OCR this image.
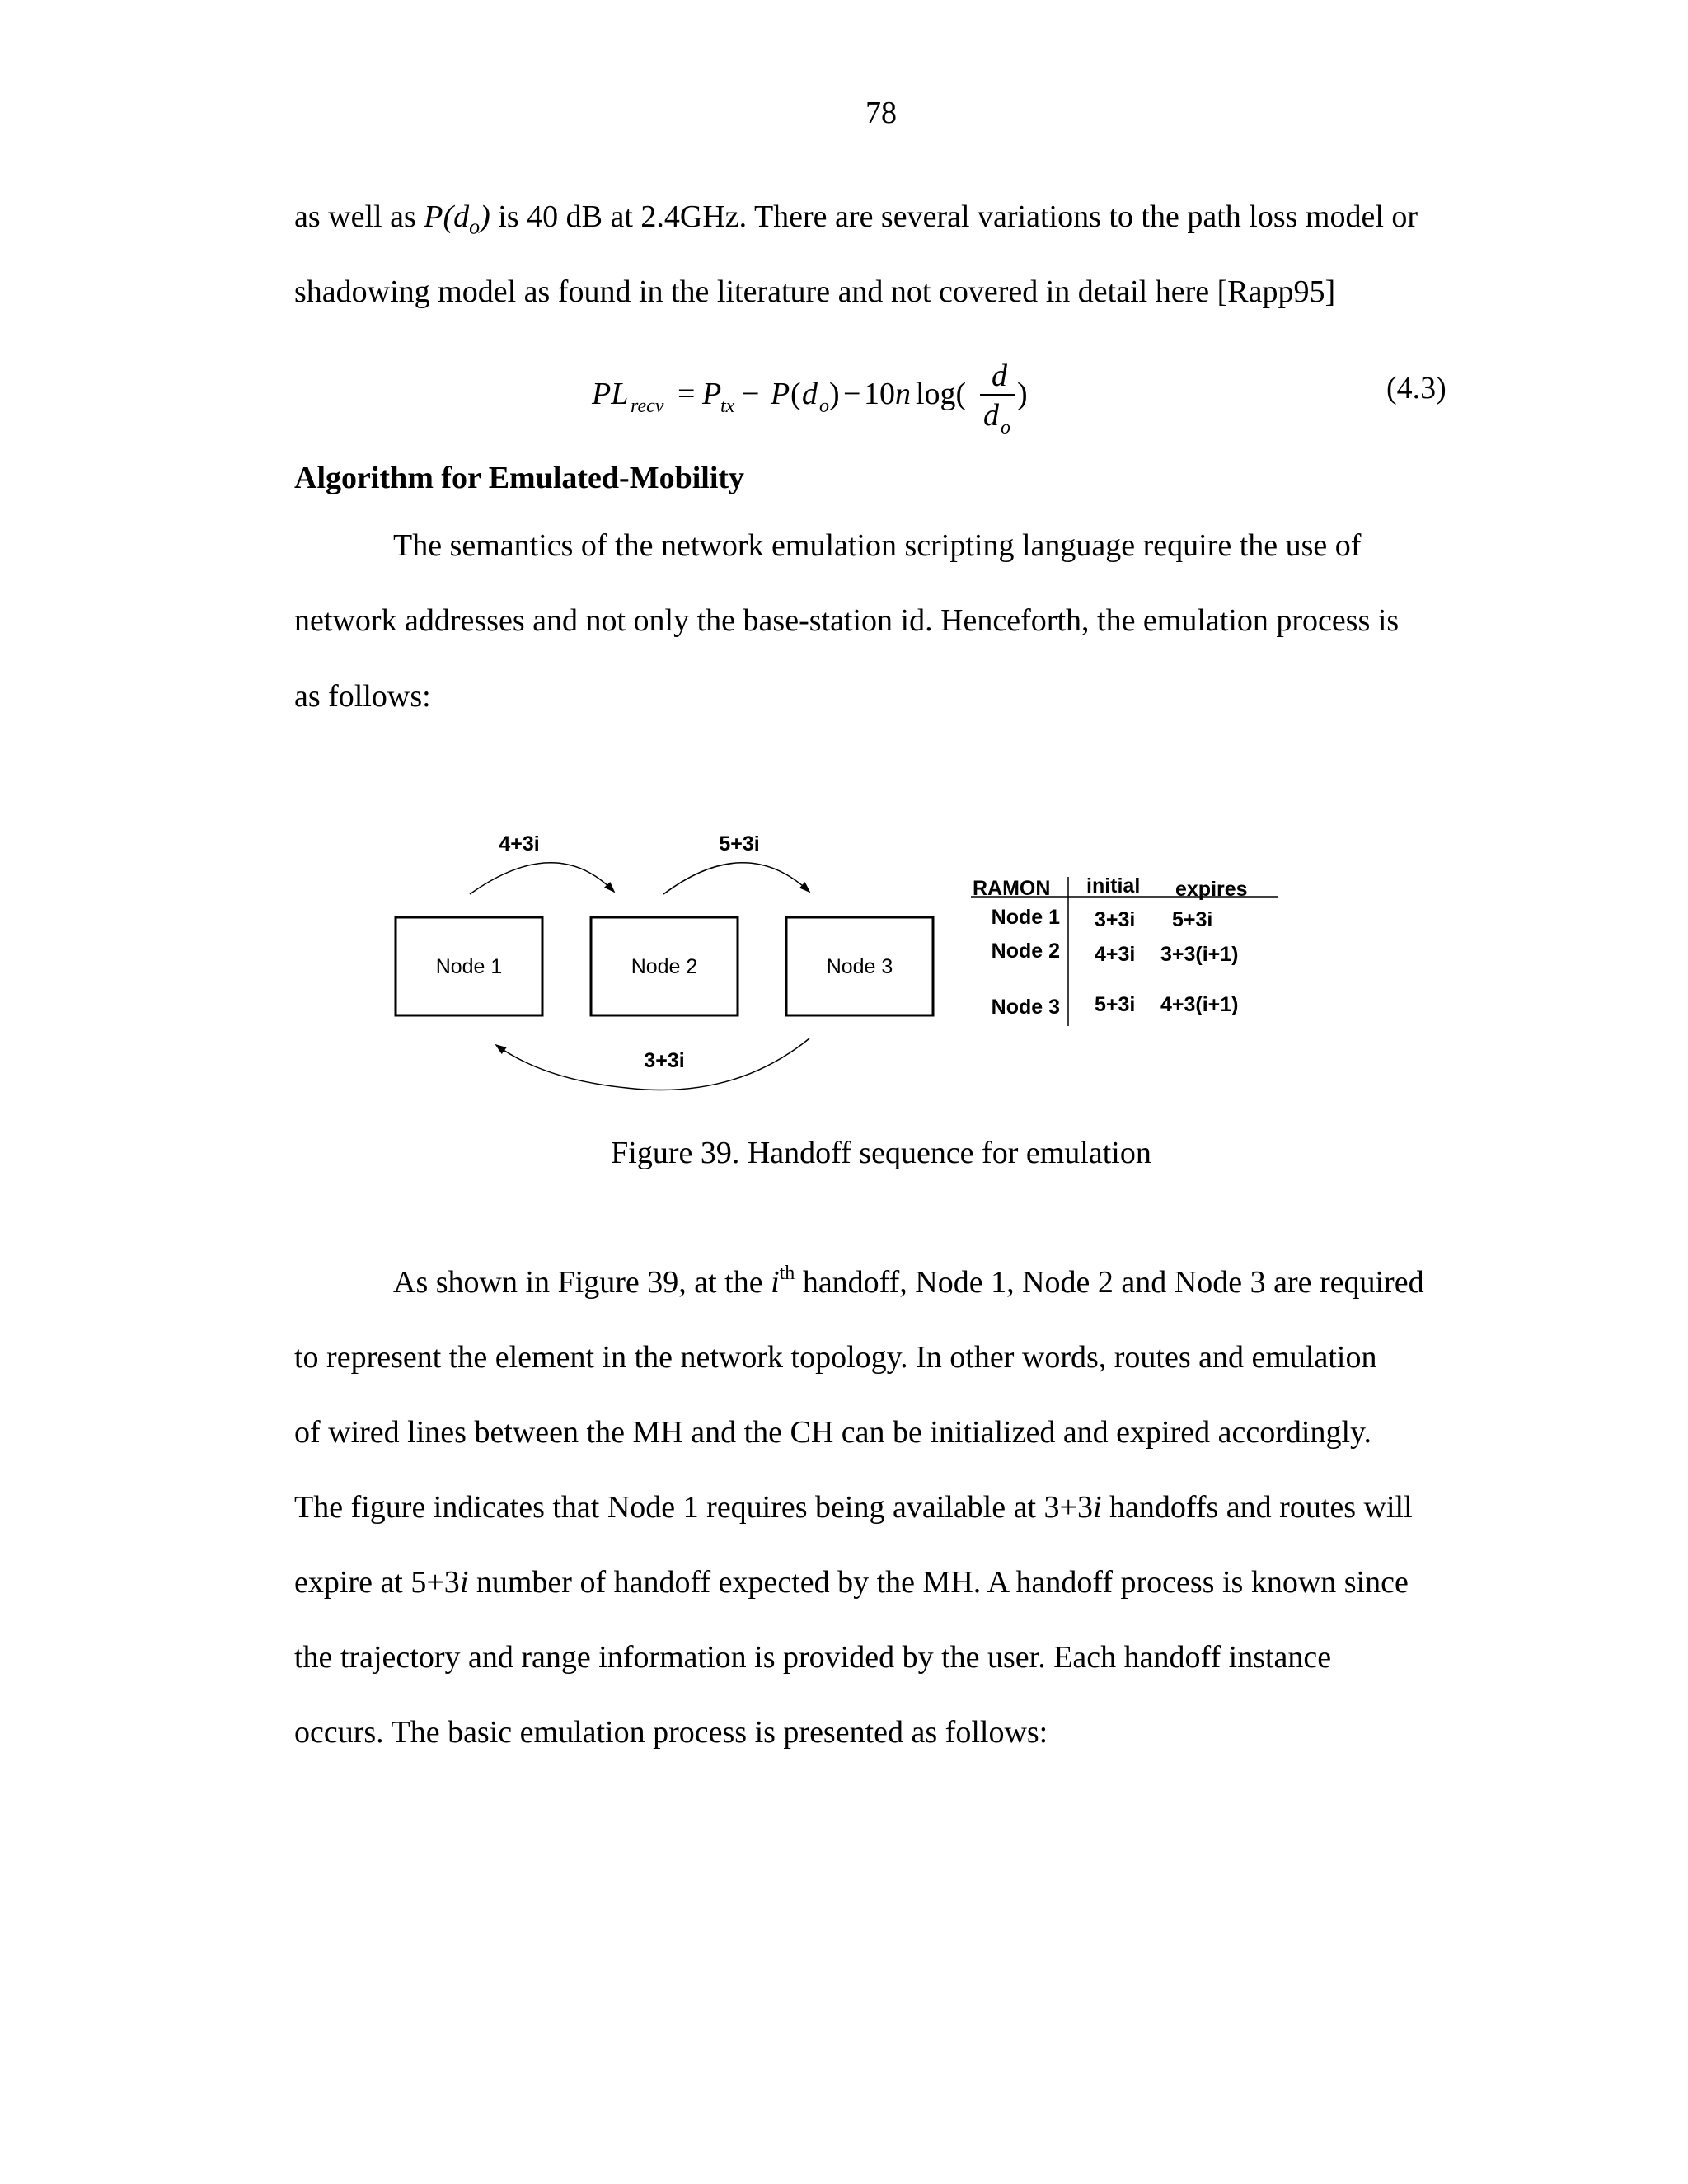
78
as well as $P(d_o)$ is 40 dB at 2.4GHz. There are several variations to the path loss model or
shadowing model as found in the literature and not covered in detail here [Rapp95]
PL recv = P
tx − P ( d o ) − 10 n log(
d
d o
)	(4.3)
Algorithm for Emulated-Mobility
The semantics of the network emulation scripting language require the use of
network addresses and not only the base-station id. Henceforth, the emulation process is
as follows:
Node 1	Node 2	Node 3
4+3i	5+3i
3+3i
RAMON initial expires
Node 1 3+3i 5+3i
Node 2 4+3i 3+3(i+1)
Node 3 5+3i 4+3(i+1)
Figure 39. Handoff sequence for emulation
As shown in Figure 39, at the $i^{th}$ handoff, Node 1, Node 2 and Node 3 are required
to represent the element in the network topology. In other words, routes and emulation
of wired lines between the MH and the CH can be initialized and expired accordingly.
The figure indicates that Node 1 requires being available at 3+3i handoffs and routes will
expire at 5+3i number of handoff expected by the MH. A handoff process is known since
the trajectory and range information is provided by the user. Each handoff instance
occurs. The basic emulation process is presented as follows:
